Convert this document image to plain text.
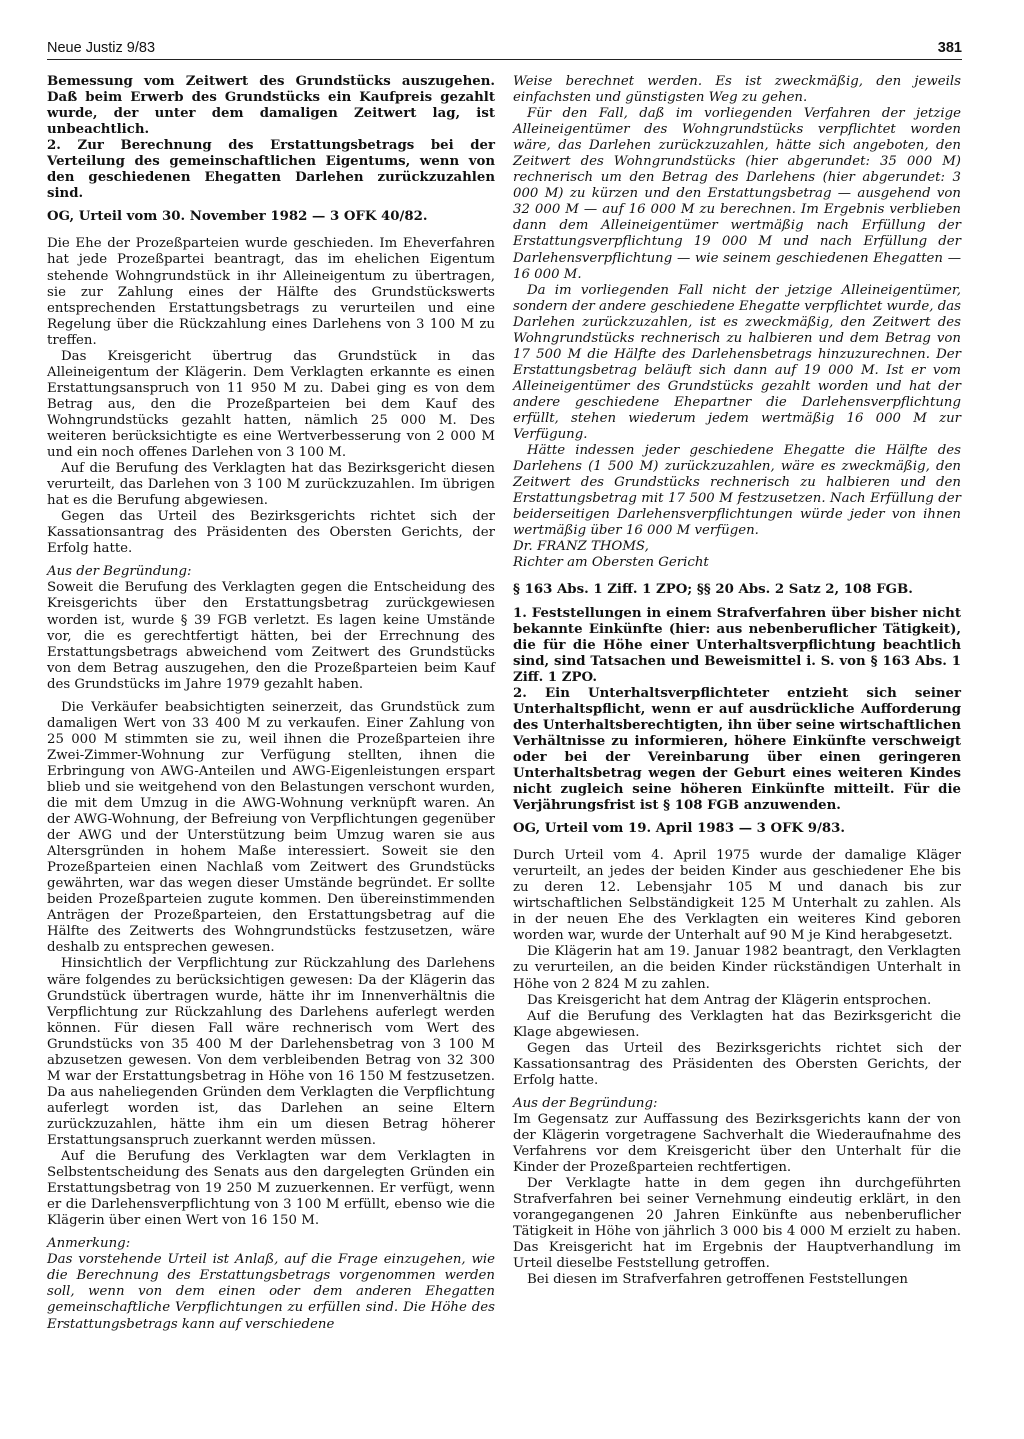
Neue Justiz 9/83	381

Bemessung vom Zeitwert des Grundstücks auszugehen. Daß beim Erwerb des Grundstücks ein Kaufpreis gezahlt wurde, der unter dem damaligen Zeitwert lag, ist unbeachtlich.

2. Zur Berechnung des Erstattungsbetrags bei der Verteilung des gemeinschaftlichen Eigentums, wenn von den geschiedenen Ehegatten Darlehen zurückzuzahlen sind.

OG, Urteil vom 30. November 1982 — 3 OFK 40/82.

Die Ehe der Prozeßparteien wurde geschieden. Im Eheverfahren hat jede Prozeßpartei beantragt, das im ehelichen Eigentum stehende Wohngrundstück in ihr Alleineigentum zu übertragen, sie zur Zahlung eines der Hälfte des Grundstückswerts entsprechenden Erstattungsbetrags zu verurteilen und eine Regelung über die Rückzahlung eines Darlehens von 3 100 M zu treffen.

Das Kreisgericht übertrug das Grundstück in das Alleineigentum der Klägerin. Dem Verklagten erkannte es einen Erstattungsanspruch von 11 950 M zu. Dabei ging es von dem Betrag aus, den die Prozeßparteien bei dem Kauf des Wohngrundstücks gezahlt hatten, nämlich 25 000 M. Des weiteren berücksichtigte es eine Wertverbesserung von 2 000 M und ein noch offenes Darlehen von 3 100 M.

Auf die Berufung des Verklagten hat das Bezirksgericht diesen verurteilt, das Darlehen von 3 100 M zurückzuzahlen. Im übrigen hat es die Berufung abgewiesen.

Gegen das Urteil des Bezirksgerichts richtet sich der Kassationsantrag des Präsidenten des Obersten Gerichts, der Erfolg hatte.

Aus der Begründung:

Soweit die Berufung des Verklagten gegen die Entscheidung des Kreisgerichts über den Erstattungsbetrag zurückgewiesen worden ist, wurde § 39 FGB verletzt. Es lagen keine Umstände vor, die es gerechtfertigt hätten, bei der Errechnung des Erstattungsbetrags abweichend vom Zeitwert des Grundstücks von dem Betrag auszugehen, den die Prozeßparteien beim Kauf des Grundstücks im Jahre 1979 gezahlt haben.

Die Verkäufer beabsichtigten seinerzeit, das Grundstück zum damaligen Wert von 33 400 M zu verkaufen. Einer Zahlung von 25 000 M stimmten sie zu, weil ihnen die Prozeßparteien ihre Zwei-Zimmer-Wohnung zur Verfügung stellten, ihnen die Erbringung von AWG-Anteilen und AWG-Eigenleistungen erspart blieb und sie weitgehend von den Belastungen verschont wurden, die mit dem Umzug in die AWG-Wohnung verknüpft waren. An der AWG-Wohnung, der Befreiung von Verpflichtungen gegenüber der AWG und der Unterstützung beim Umzug waren sie aus Altersgründen in hohem Maße interessiert. Soweit sie den Prozeßparteien einen Nachlaß vom Zeitwert des Grundstücks gewährten, war das wegen dieser Umstände begründet. Er sollte beiden Prozeßparteien zugute kommen. Den übereinstimmenden Anträgen der Prozeßparteien, den Erstattungsbetrag auf die Hälfte des Zeitwerts des Wohngrundstücks festzusetzen, wäre deshalb zu entsprechen gewesen.

Hinsichtlich der Verpflichtung zur Rückzahlung des Darlehens wäre folgendes zu berücksichtigen gewesen: Da der Klägerin das Grundstück übertragen wurde, hätte ihr im Innenverhältnis die Verpflichtung zur Rückzahlung des Darlehens auferlegt werden können. Für diesen Fall wäre rechnerisch vom Wert des Grundstücks von 35 400 M der Darlehensbetrag von 3 100 M abzusetzen gewesen. Von dem verbleibenden Betrag von 32 300 M war der Erstattungsbetrag in Höhe von 16 150 M festzusetzen. Da aus naheliegenden Gründen dem Verklagten die Verpflichtung auferlegt worden ist, das Darlehen an seine Eltern zurückzuzahlen, hätte ihm ein um diesen Betrag höherer Erstattungsanspruch zuerkannt werden müssen.

Auf die Berufung des Verklagten war dem Verklagten in Selbstentscheidung des Senats aus den dargelegten Gründen ein Erstattungsbetrag von 19 250 M zuzuerkennen. Er verfügt, wenn er die Darlehensverpflichtung von 3 100 M erfüllt, ebenso wie die Klägerin über einen Wert von 16 150 M.

Anmerkung:

Das vorstehende Urteil ist Anlaß, auf die Frage einzugehen, wie die Berechnung des Erstattungsbetrags vorgenommen werden soll, wenn von dem einen oder dem anderen Ehegatten gemeinschaftliche Verpflichtungen zu erfüllen sind. Die Höhe des Erstattungsbetrags kann auf verschiedene

Weise berechnet werden. Es ist zweckmäßig, den jeweils einfachsten und günstigsten Weg zu gehen.

Für den Fall, daß im vorliegenden Verfahren der jetzige Alleineigentümer des Wohngrundstücks verpflichtet worden wäre, das Darlehen zurückzuzahlen, hätte sich angeboten, den Zeitwert des Wohngrundstücks (hier abgerundet: 35 000 M) rechnerisch um den Betrag des Darlehens (hier abgerundet: 3 000 M) zu kürzen und den Erstattungsbetrag — ausgehend von 32 000 M — auf 16 000 M zu berechnen. Im Ergebnis verblieben dann dem Alleineigentümer wertmäßig nach Erfüllung der Erstattungsverpflichtung 19 000 M und nach Erfüllung der Darlehensverpflichtung — wie seinem geschiedenen Ehegatten — 16 000 M.

Da im vorliegenden Fall nicht der jetzige Alleineigentümer, sondern der andere geschiedene Ehegatte verpflichtet wurde, das Darlehen zurückzuzahlen, ist es zweckmäßig, den Zeitwert des Wohngrundstücks rechnerisch zu halbieren und dem Betrag von 17 500 M die Hälfte des Darlehensbetrags hinzuzurechnen. Der Erstattungsbetrag beläuft sich dann auf 19 000 M. Ist er vom Alleineigentümer des Grundstücks gezahlt worden und hat der andere geschiedene Ehepartner die Darlehensverpflichtung erfüllt, stehen wiederum jedem wertmäßig 16 000 M zur Verfügung.

Hätte indessen jeder geschiedene Ehegatte die Hälfte des Darlehens (1 500 M) zurückzuzahlen, wäre es zweckmäßig, den Zeitwert des Grundstücks rechnerisch zu halbieren und den Erstattungsbetrag mit 17 500 M festzusetzen. Nach Erfüllung der beiderseitigen Darlehensverpflichtungen würde jeder von ihnen wertmäßig über 16 000 M verfügen.

Dr. FRANZ THOMS,

Richter am Obersten Gericht

§ 163 Abs. 1 Ziff. 1 ZPO; §§ 20 Abs. 2 Satz 2, 108 FGB.

1. Feststellungen in einem Strafverfahren über bisher nicht bekannte Einkünfte (hier: aus nebenberuflicher Tätigkeit), die für die Höhe einer Unterhaltsverpflichtung beachtlich sind, sind Tatsachen und Beweismittel i. S. von § 163 Abs. 1 Ziff. 1 ZPO.

2. Ein Unterhaltsverpflichteter entzieht sich seiner Unterhaltspflicht, wenn er auf ausdrückliche Aufforderung des Unterhaltsberechtigten, ihn über seine wirtschaftlichen Verhältnisse zu informieren, höhere Einkünfte verschweigt oder bei der Vereinbarung über einen geringeren Unterhaltsbetrag wegen der Geburt eines weiteren Kindes nicht zugleich seine höheren Einkünfte mitteilt. Für die Verjährungsfrist ist § 108 FGB anzuwenden.

OG, Urteil vom 19. April 1983 — 3 OFK 9/83.

Durch Urteil vom 4. April 1975 wurde der damalige Kläger verurteilt, an jedes der beiden Kinder aus geschiedener Ehe bis zu deren 12. Lebensjahr 105 M und danach bis zur wirtschaftlichen Selbständigkeit 125 M Unterhalt zu zahlen. Als in der neuen Ehe des Verklagten ein weiteres Kind geboren worden war, wurde der Unterhalt auf 90 M je Kind herabgesetzt.

Die Klägerin hat am 19. Januar 1982 beantragt, den Verklagten zu verurteilen, an die beiden Kinder rückständigen Unterhalt in Höhe von 2 824 M zu zahlen.

Das Kreisgericht hat dem Antrag der Klägerin entsprochen.

Auf die Berufung des Verklagten hat das Bezirksgericht die Klage abgewiesen.

Gegen das Urteil des Bezirksgerichts richtet sich der Kassationsantrag des Präsidenten des Obersten Gerichts, der Erfolg hatte.

Aus der Begründung:

Im Gegensatz zur Auffassung des Bezirksgerichts kann der von der Klägerin vorgetragene Sachverhalt die Wiederaufnahme des Verfahrens vor dem Kreisgericht über den Unterhalt für die Kinder der Prozeßparteien rechtfertigen.

Der Verklagte hatte in dem gegen ihn durchgeführten Strafverfahren bei seiner Vernehmung eindeutig erklärt, in den vorangegangenen 20 Jahren Einkünfte aus nebenberuflicher Tätigkeit in Höhe von jährlich 3 000 bis 4 000 M erzielt zu haben. Das Kreisgericht hat im Ergebnis der Hauptverhandlung im Urteil dieselbe Feststellung getroffen.

Bei diesen im Strafverfahren getroffenen Feststellungen
